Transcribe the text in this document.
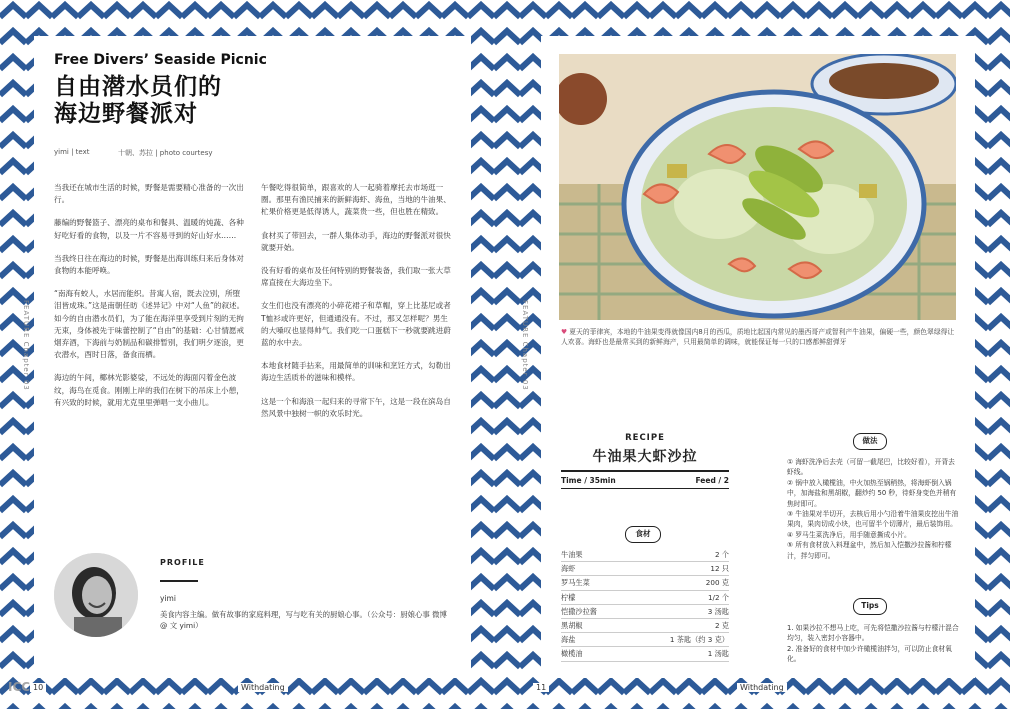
Free Divers’ Seaside Picnic
自由潜水员们的
海边野餐派对
yimi | text	十朝、苏拉 | photo courtesy

当我还在城市生活的时候，野餐是需要精心准备的一次出行。

藤编的野餐篮子、漂亮的桌布和餐具、温暖的炖蔬、各种好吃好看的食物，以及一片不容易寻到的好山好水……

当我终日往在海边的时候，野餐是出海训练归来后身体对食物的本能呼唤。

“南海有蛟人，水居而能织。昔寓人宿，既去泣别，所堕泪皆成珠。”这是南朝任昉《述异记》中对“人鱼”的叙述。如今的自由潜水员们，为了能在海洋里享受到片刻的无拘无束，身体被先于味蕾控制了“自由”的基础：心甘情愿戒烟弃酒，下海前与奶制品和碳排暂别，我们明夕逐浪，更衣潜水，酉时日落，备食而栖。

海边的午间，椰林光影婆娑，不远处的海面闪着金色波纹，海鸟在觅食。刚刚上岸的我们在树下的吊床上小憩，有兴致的时候，就用尤克里里弹唱一支小曲儿。

午餐吃得很简单，跟喜欢的人一起骑着摩托去市场逛一圈。那里有渔民捕来的新鲜海虾、海鱼，当地的牛油果、杧果价格更是低得诱人，蔬菜贵一些，但也胜在精致。

食材买了带回去，一群人集体动手，海边的野餐派对很快就要开始。

没有好看的桌布及任何特别的野餐装备，我们取一张大草席直接在大海边坐下。

女生们也没有漂亮的小碎花裙子和草帽，穿上比基尼或者T恤衫或许更好，但通通没有。不过，那又怎样呢？男生的大嗓叹也显得帅气。我们吃一口蛋糕下一秒就要跳进蔚蓝的水中去。

本地食材随手拈来，用最简单的训味和烹饪方式，勾勒出海边生活质朴的滋味和模样。

这是一个和海浪一起归来的寻常下午，这是一段在滨岛自然风景中独树一帜的欢乐时光。

PROFILE
yimi
美食内容主编。做有故事的家庭料理，写与吃有关的厨娘心事。（公众号：厨娘心事 微博 @ 文 yimi）
FEATURE Chapter 03	♥ 夏天的菲律宾，本地的牛油果变得就像国内8月的西瓜，质地比起国内常见的墨西哥产或智利产牛油果，偏硬一些，颜色翠绿得让人欢喜。海虾也是最常买到的新鲜海产，只用最简单的调味，就能保证每一只的口感都鲜甜弹牙
RECIPE
牛油果大虾沙拉
Time / 35min	Feed / 2
食材
牛油果	2 个
海虾	12 只
罗马生菜	200 克
柠檬	1/2 个
恺撒沙拉酱	3 汤匙
黑胡椒	2 克
海盐	1 茶匙（约 3 克）
橄榄油	1 汤匙
做法
① 海虾洗净后去壳（可留一截尾巴，比较好看），开背去虾线。
② 锅中放入橄榄油，中火加热至锅稍热，将海虾倒入锅中，加海盐和黑胡椒，翻炒约 50 秒，待虾身变色并稍有焦时即可。
③ 牛油果对半切开，去核后用小勺沿着牛油果皮挖出牛油果肉，果肉切成小块，也可留半个切薄片，最后装饰用。
④ 罗马生菜洗净后，用手随意撕成小片。
⑤ 所有食材放入料理盆中，然后加入恺撒沙拉酱和柠檬汁，拌匀即可。
Tips
1. 如果沙拉不想马上吃，可先将恺撒沙拉酱与柠檬汁混合均匀，装入密封小容器中。
2. 准备好的食材中加少许橄榄油拌匀，可以防止食材氧化。
FEATURE Chapter 03
10	Withdating	11	Withdating
ICC
